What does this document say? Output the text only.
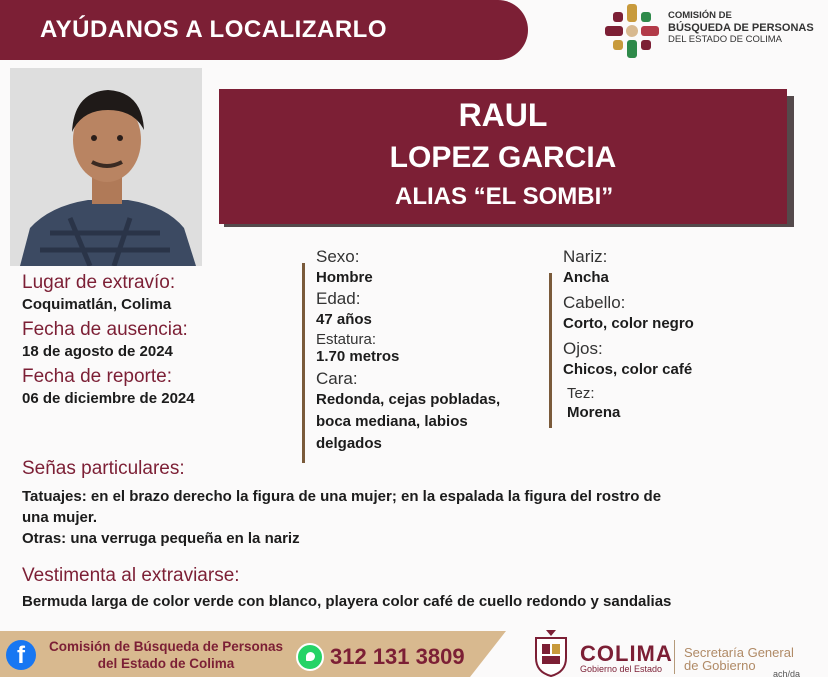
AYÚDANOS A LOCALIZARLO
COMISIÓN DE
BÚSQUEDA DE PERSONAS
DEL ESTADO DE COLIMA
RAUL
LOPEZ GARCIA
ALIAS “EL SOMBI”
Lugar de extravío:
Coquimatlán, Colima
Fecha de ausencia:
18 de agosto de 2024
Fecha de reporte:
06 de diciembre de 2024
Sexo:
Hombre
Edad:
47 años
Estatura:
1.70 metros
Cara:
Redonda, cejas pobladas,
boca mediana, labios
delgados
Nariz:
Ancha
Cabello:
Corto, color negro
Ojos:
Chicos, color café
Tez:
Morena
Señas particulares:
Tatuajes: en el brazo derecho la figura de una mujer; en la espalada la figura del rostro de
una mujer.
Otras: una verruga pequeña en la nariz
Vestimenta al extraviarse:
Bermuda larga de color verde con blanco, playera color café de cuello redondo y sandalias
f	Comisión de Búsqueda de Personas
del Estado de Colima	312 131 3809	COLIMA
Gobierno del Estado
Secretaría General
de Gobierno
ach/da
